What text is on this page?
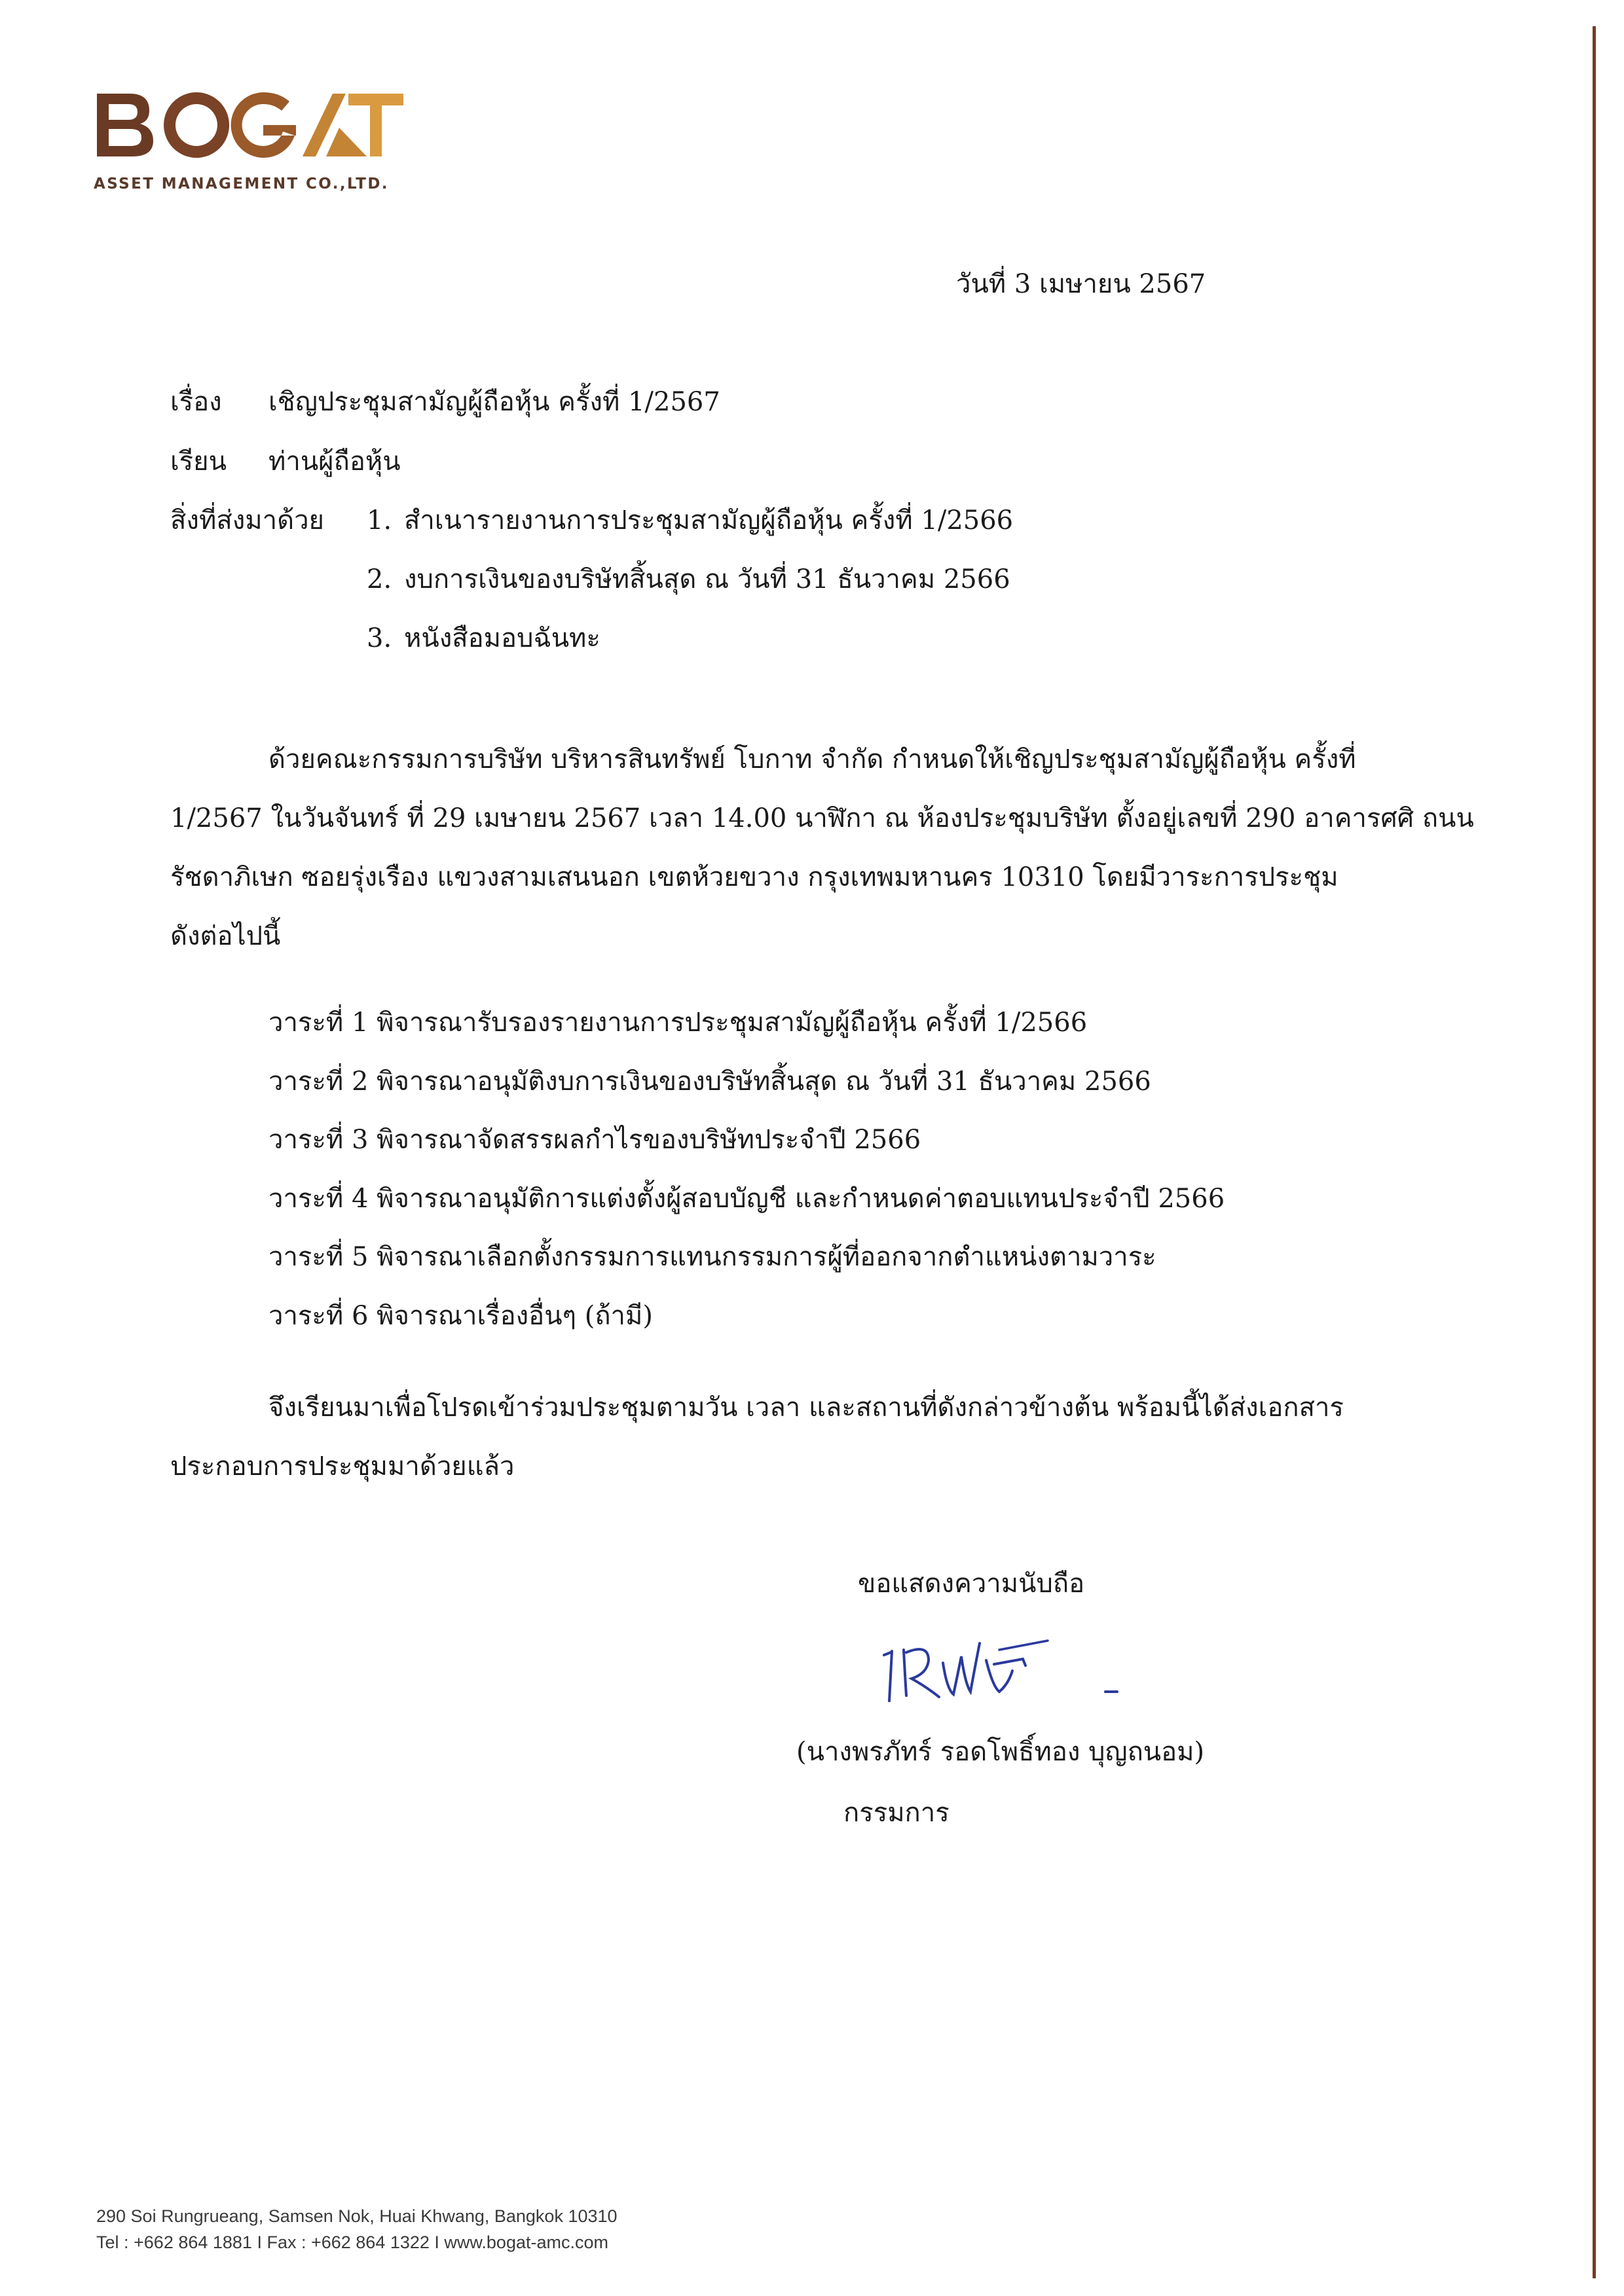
ASSET MANAGEMENT CO.,LTD.
วันที่ 3 เมษายน 2567
เรื่อง เชิญประชุมสามัญผู้ถือหุ้น ครั้งที่ 1/2567
เรียน ท่านผู้ถือหุ้น
สิ่งที่ส่งมาด้วย 1. สำเนารายงานการประชุมสามัญผู้ถือหุ้น ครั้งที่ 1/2566
2. งบการเงินของบริษัทสิ้นสุด ณ วันที่ 31 ธันวาคม 2566
3. หนังสือมอบฉันทะ
ด้วยคณะกรรมการบริษัท บริหารสินทรัพย์ โบกาท จำกัด กำหนดให้เชิญประชุมสามัญผู้ถือหุ้น ครั้งที่
1/2567 ในวันจันทร์ ที่ 29 เมษายน 2567 เวลา 14.00 นาฬิกา ณ ห้องประชุมบริษัท ตั้งอยู่เลขที่ 290 อาคารศศิ ถนน
รัชดาภิเษก ซอยรุ่งเรือง แขวงสามเสนนอก เขตห้วยขวาง กรุงเทพมหานคร 10310 โดยมีวาระการประชุม
ดังต่อไปนี้
วาระที่ 1 พิจารณารับรองรายงานการประชุมสามัญผู้ถือหุ้น ครั้งที่ 1/2566
วาระที่ 2 พิจารณาอนุมัติงบการเงินของบริษัทสิ้นสุด ณ วันที่ 31 ธันวาคม 2566
วาระที่ 3 พิจารณาจัดสรรผลกำไรของบริษัทประจำปี 2566
วาระที่ 4 พิจารณาอนุมัติการแต่งตั้งผู้สอบบัญชี และกำหนดค่าตอบแทนประจำปี 2566
วาระที่ 5 พิจารณาเลือกตั้งกรรมการแทนกรรมการผู้ที่ออกจากตำแหน่งตามวาระ
วาระที่ 6 พิจารณาเรื่องอื่นๆ (ถ้ามี)
จึงเรียนมาเพื่อโปรดเข้าร่วมประชุมตามวัน เวลา และสถานที่ดังกล่าวข้างต้น พร้อมนี้ได้ส่งเอกสาร
ประกอบการประชุมมาด้วยแล้ว
ขอแสดงความนับถือ
(นางพรภัทร์ รอดโพธิ์ทอง บุญถนอม)
กรรมการ
290 Soi Rungrueang, Samsen Nok, Huai Khwang, Bangkok 10310
Tel : +662 864 1881 I Fax : +662 864 1322 I www.bogat-amc.com
